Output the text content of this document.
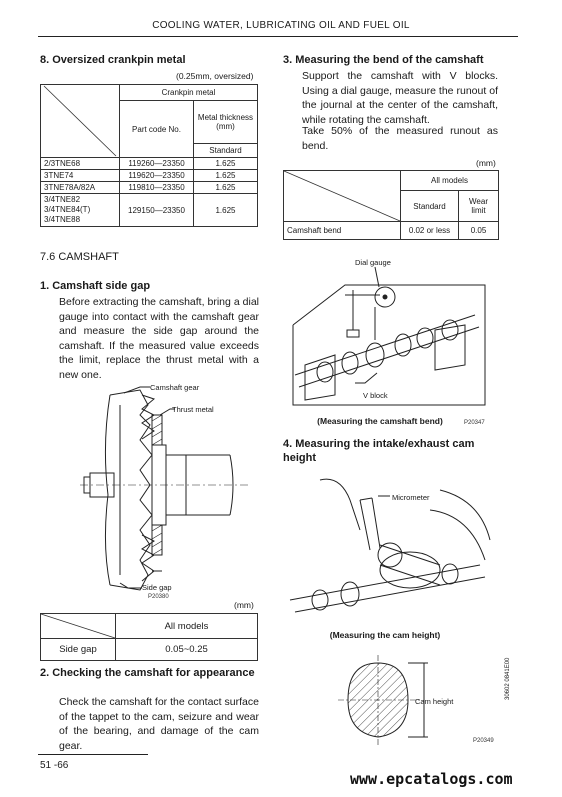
COOLING WATER, LUBRICATING OIL AND FUEL OIL
8. Oversized crankpin metal
(0.25mm, oversized)
	Crankpin metal	
	Part code No.	Metal thickness (mm)
		Standard
2/3TNE68	119260—23350	1.625
3TNE74	119620—23350	1.625
3TNE78A/82A	119810—23350	1.625
3/4TNE82
3/4TNE84(T)
3/4TNE88	129150—23350	1.625
7.6 CAMSHAFT
1. Camshaft side gap
Before extracting the camshaft, bring a dial gauge into contact with the camshaft gear and measure the side gap around the camshaft. If the measured value exceeds the limit, replace the thrust metal with a new one.
Camshaft gear
Thrust metal
Side gap
P20380
(mm)
	All models
Side gap	0.05~0.25
2. Checking the camshaft for appearance
Check the camshaft for the contact surface of the tappet to the cam, seizure and wear of the bearing, and damage of the cam gear.
51 -66
3. Measuring the bend of the camshaft
Support the camshaft with V blocks. Using a dial gauge, measure the runout of the journal at the center of the camshaft, while rotating the camshaft.
Take 50% of the measured runout as bend.
(mm)
	All models	
	Standard	Wear limit
Camshaft bend	0.02 or less	0.05
Dial gauge
V block
(Measuring the camshaft bend)	P20347
4. Measuring the intake/exhaust cam height
Micrometer
(Measuring the cam height)
Cam height
P20349
30602 0841E00
www.epcatalogs.com
